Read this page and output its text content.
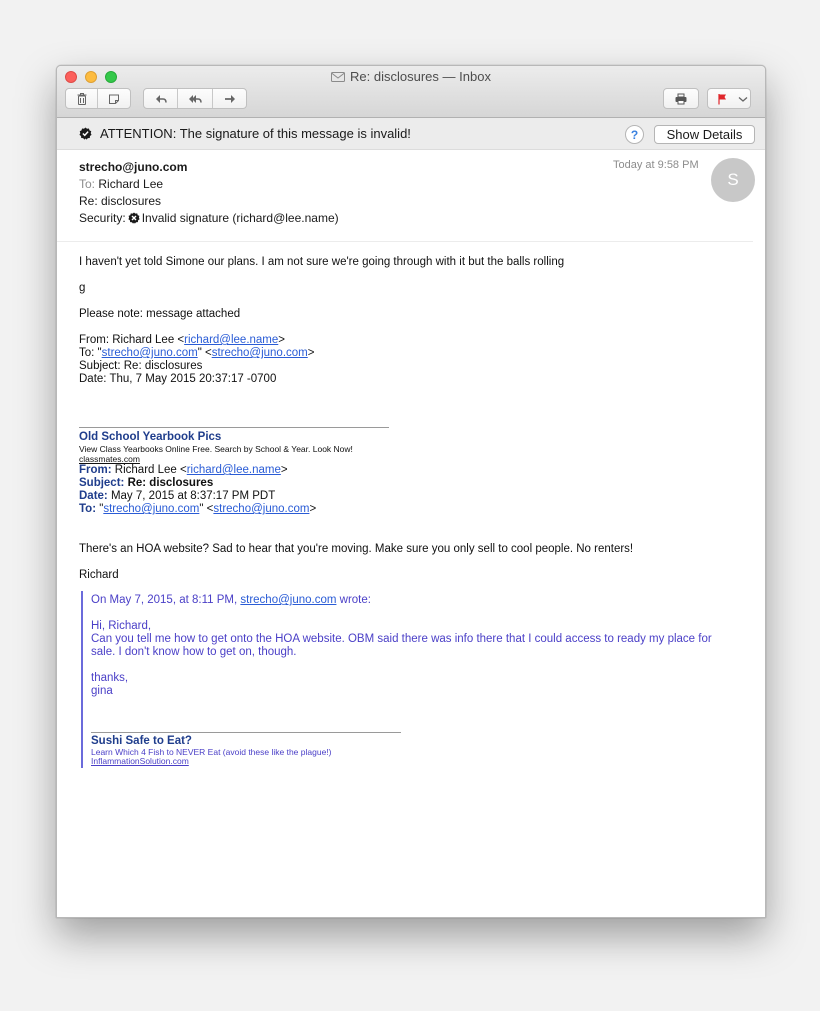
Re: disclosures — Inbox
ATTENTION: The signature of this message is invalid!	?	Show Details
strecho@juno.com
To: Richard Lee
Re: disclosures
Security: Invalid signature (richard@lee.name)
Today at 9:58 PM
S

I haven't yet told Simone our plans. I am not sure we're going through with it but the balls rolling

g

Please note: message attached

From: Richard Lee <richard@lee.name>

To: "strecho@juno.com" <strecho@juno.com>

Subject: Re: disclosures

Date: Thu, 7 May 2015 20:37:17 -0700

Old School Yearbook Pics

View Class Yearbooks Online Free. Search by School & Year. Look Now!

classmates.com

From: Richard Lee <richard@lee.name>

Subject: Re: disclosures

Date: May 7, 2015 at 8:37:17 PM PDT

To: "strecho@juno.com" <strecho@juno.com>

There's an HOA website? Sad to hear that you're moving. Make sure you only sell to cool people. No renters!

Richard

On May 7, 2015, at 8:11 PM, strecho@juno.com wrote:

Hi, Richard,

Can you tell me how to get onto the HOA website. OBM said there was info there that I could access to ready my place for sale. I don't know how to get on, though.

thanks,

gina

Sushi Safe to Eat?

Learn Which 4 Fish to NEVER Eat (avoid these like the plague!)

InflammationSolution.com
